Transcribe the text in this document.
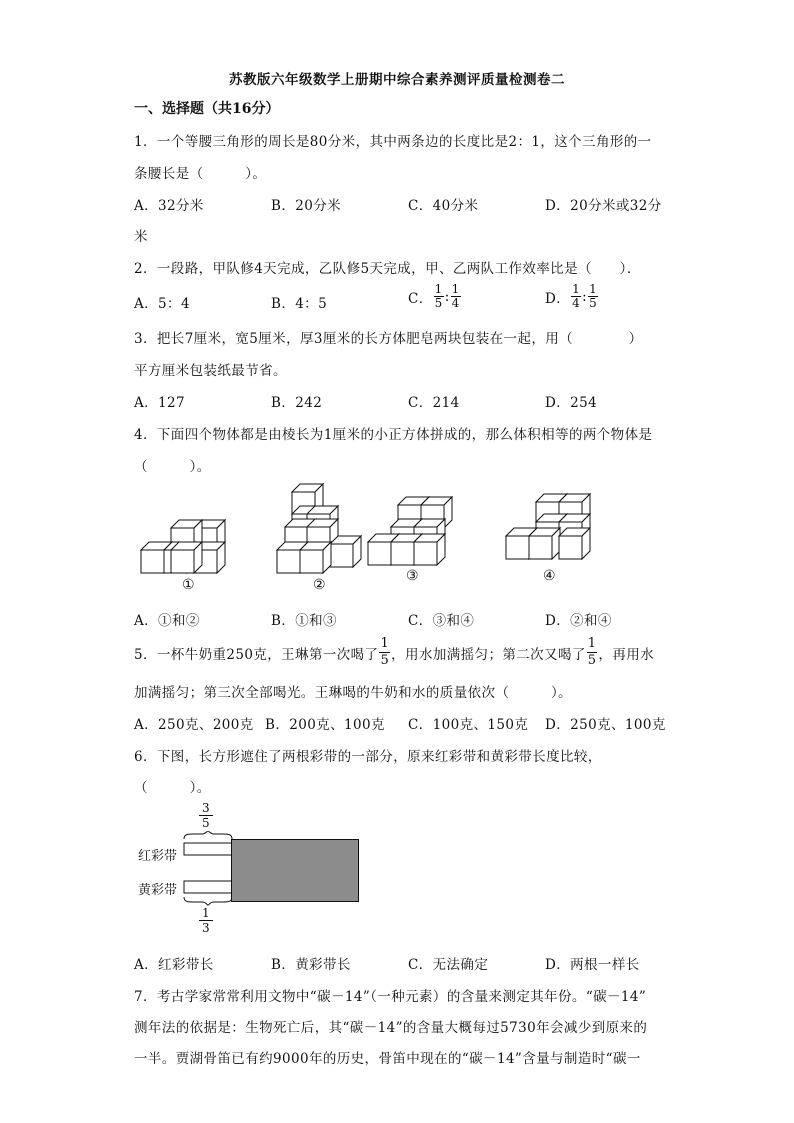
苏教版六年级数学上册期中综合素养测评质量检测卷二
一、选择题（共16分）
1．一个等腰三角形的周长是80分米，其中两条边的长度比是2：1，这个三角形的一
条腰长是（　　　）。
A．32分米	B．20分米	C．40分米	D．20分米或32分
米
2．一段路，甲队修4天完成，乙队修5天完成，甲、乙两队工作效率比是（　　）．
A．5：4	B．4：5	C． $\frac{1}{5}$ : $\frac{1}{4}$	D． $\frac{1}{4}$ : $\frac{1}{5}$
3．把长7厘米，宽5厘米，厚3厘米的长方体肥皂两块包装在一起，用（　　　　）
平方厘米包装纸最节省。
A．127	B．242	C．214	D．254
4．下面四个物体都是由棱长为1厘米的小正方体拼成的，那么体积相等的两个物体是
（　　　）。
①	②
③	④
A．①和②	B．①和③	C．③和④	D．②和④
5．一杯牛奶重250克，王琳第一次喝了 $\frac{1}{5}$ ，用水加满摇匀；第二次又喝了 $\frac{1}{5}$ ，再用水
加满摇匀；第三次全部喝光。王琳喝的牛奶和水的质量依次（　　　）。
A．250克、200克 B．200克、100克 C．100克、150克 D．250克、100克
6．下图，长方形遮住了两根彩带的一部分，原来红彩带和黄彩带长度比较，
（　　　）。
3
5
红彩带
黄彩带
1
3
A．红彩带长	B．黄彩带长	C．无法确定	D．两根一样长
7．考古学家常常利用文物中“碳－14”（一种元素）的含量来测定其年份。“碳－14”
测年法的依据是：生物死亡后，其“碳－14”的含量大概每过5730年会减少到原来的
一半。贾湖骨笛已有约9000年的历史，骨笛中现在的“碳－14”含量与制造时“碳一
